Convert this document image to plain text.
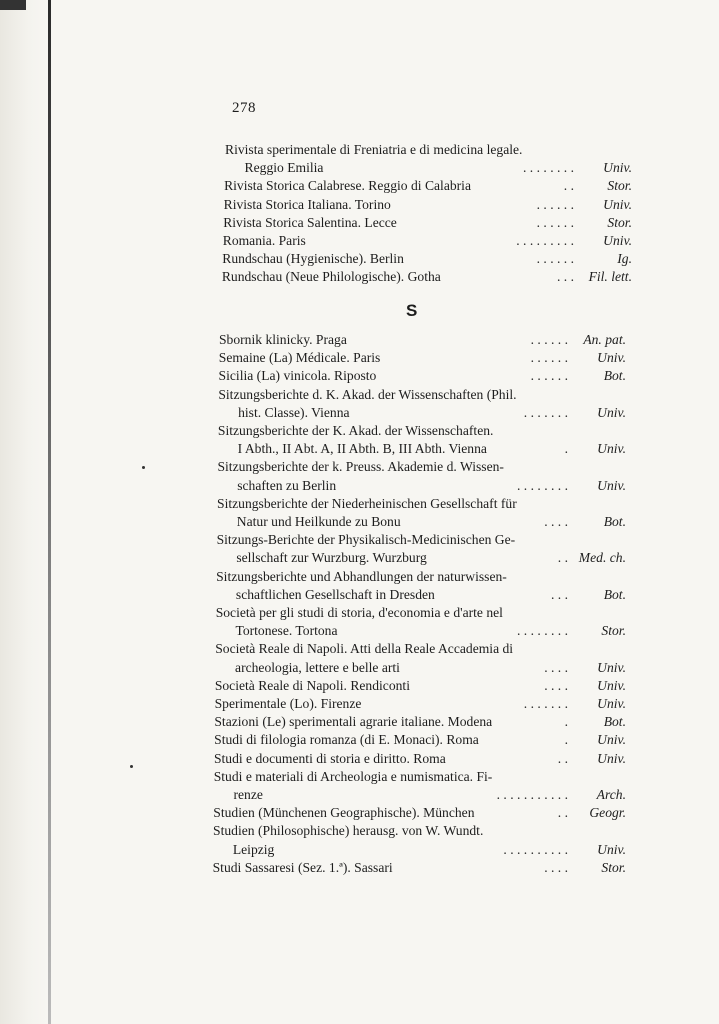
278
Rivista sperimentale di Freniatria e di medicina legale.
Reggio Emilia	. . . . . . . . Univ.
Rivista Storica Calabrese. Reggio di Calabria	. . Stor.
Rivista Storica Italiana. Torino	. . . . . . Univ.
Rivista Storica Salentina. Lecce	. . . . . . Stor.
Romania. Paris	. . . . . . . . . Univ.
Rundschau (Hygienische). Berlin	. . . . . .	Ig.
Rundschau (Neue Philologische). Gotha	. . . Fil. lett.
S
Sbornik klinicky. Praga	. . . . . . An. pat.
Semaine (La) Médicale. Paris	. . . . . . Univ.
Sicilia (La) vinicola. Riposto	. . . . . .	Bot.
Sitzungsberichte d. K. Akad. der Wissenschaften (Phil.
hist. Classe). Vienna	. . . . . . . Univ.
Sitzungsberichte der K. Akad. der Wissenschaften.
I Abth., II Abt. A, II Abth. B, III Abth. Vienna	. Univ.
Sitzungsberichte der k. Preuss. Akademie d. Wissen-
schaften zu Berlin	. . . . . . . . Univ.
Sitzungsberichte der Niederheinischen Gesellschaft für
Natur und Heilkunde zu Bonu	. . . .	Bot.
Sitzungs-Berichte der Physikalisch-Medicinischen Ge-
sellschaft zur Wurzburg. Wurzburg	. . Med. ch.
Sitzungsberichte und Abhandlungen der naturwissen-
schaftlichen Gesellschaft in Dresden	. . .	Bot.
Società per gli studi di storia, d'economia e d'arte nel
Tortonese. Tortona	. . . . . . . . Stor.
Società Reale di Napoli. Atti della Reale Accademia di
archeologia, lettere e belle arti	. . . . Univ.
Società Reale di Napoli. Rendiconti	. . . . Univ.
Sperimentale (Lo). Firenze	. . . . . . . Univ.
Stazioni (Le) sperimentali agrarie italiane. Modena	.	Bot.
Studi di filologia romanza (di E. Monaci). Roma	. Univ.
Studi e documenti di storia e diritto. Roma	. . Univ.
Studi e materiali di Archeologia e numismatica. Fi-
renze	. . . . . . . . . . . Arch.
Studien (Münchenen Geographische). München	. . Geogr.
Studien (Philosophische) herausg. von W. Wundt.
Leipzig	. . . . . . . . . . Univ.
Studi Sassaresi (Sez. 1.ª). Sassari	. . . . Stor.
